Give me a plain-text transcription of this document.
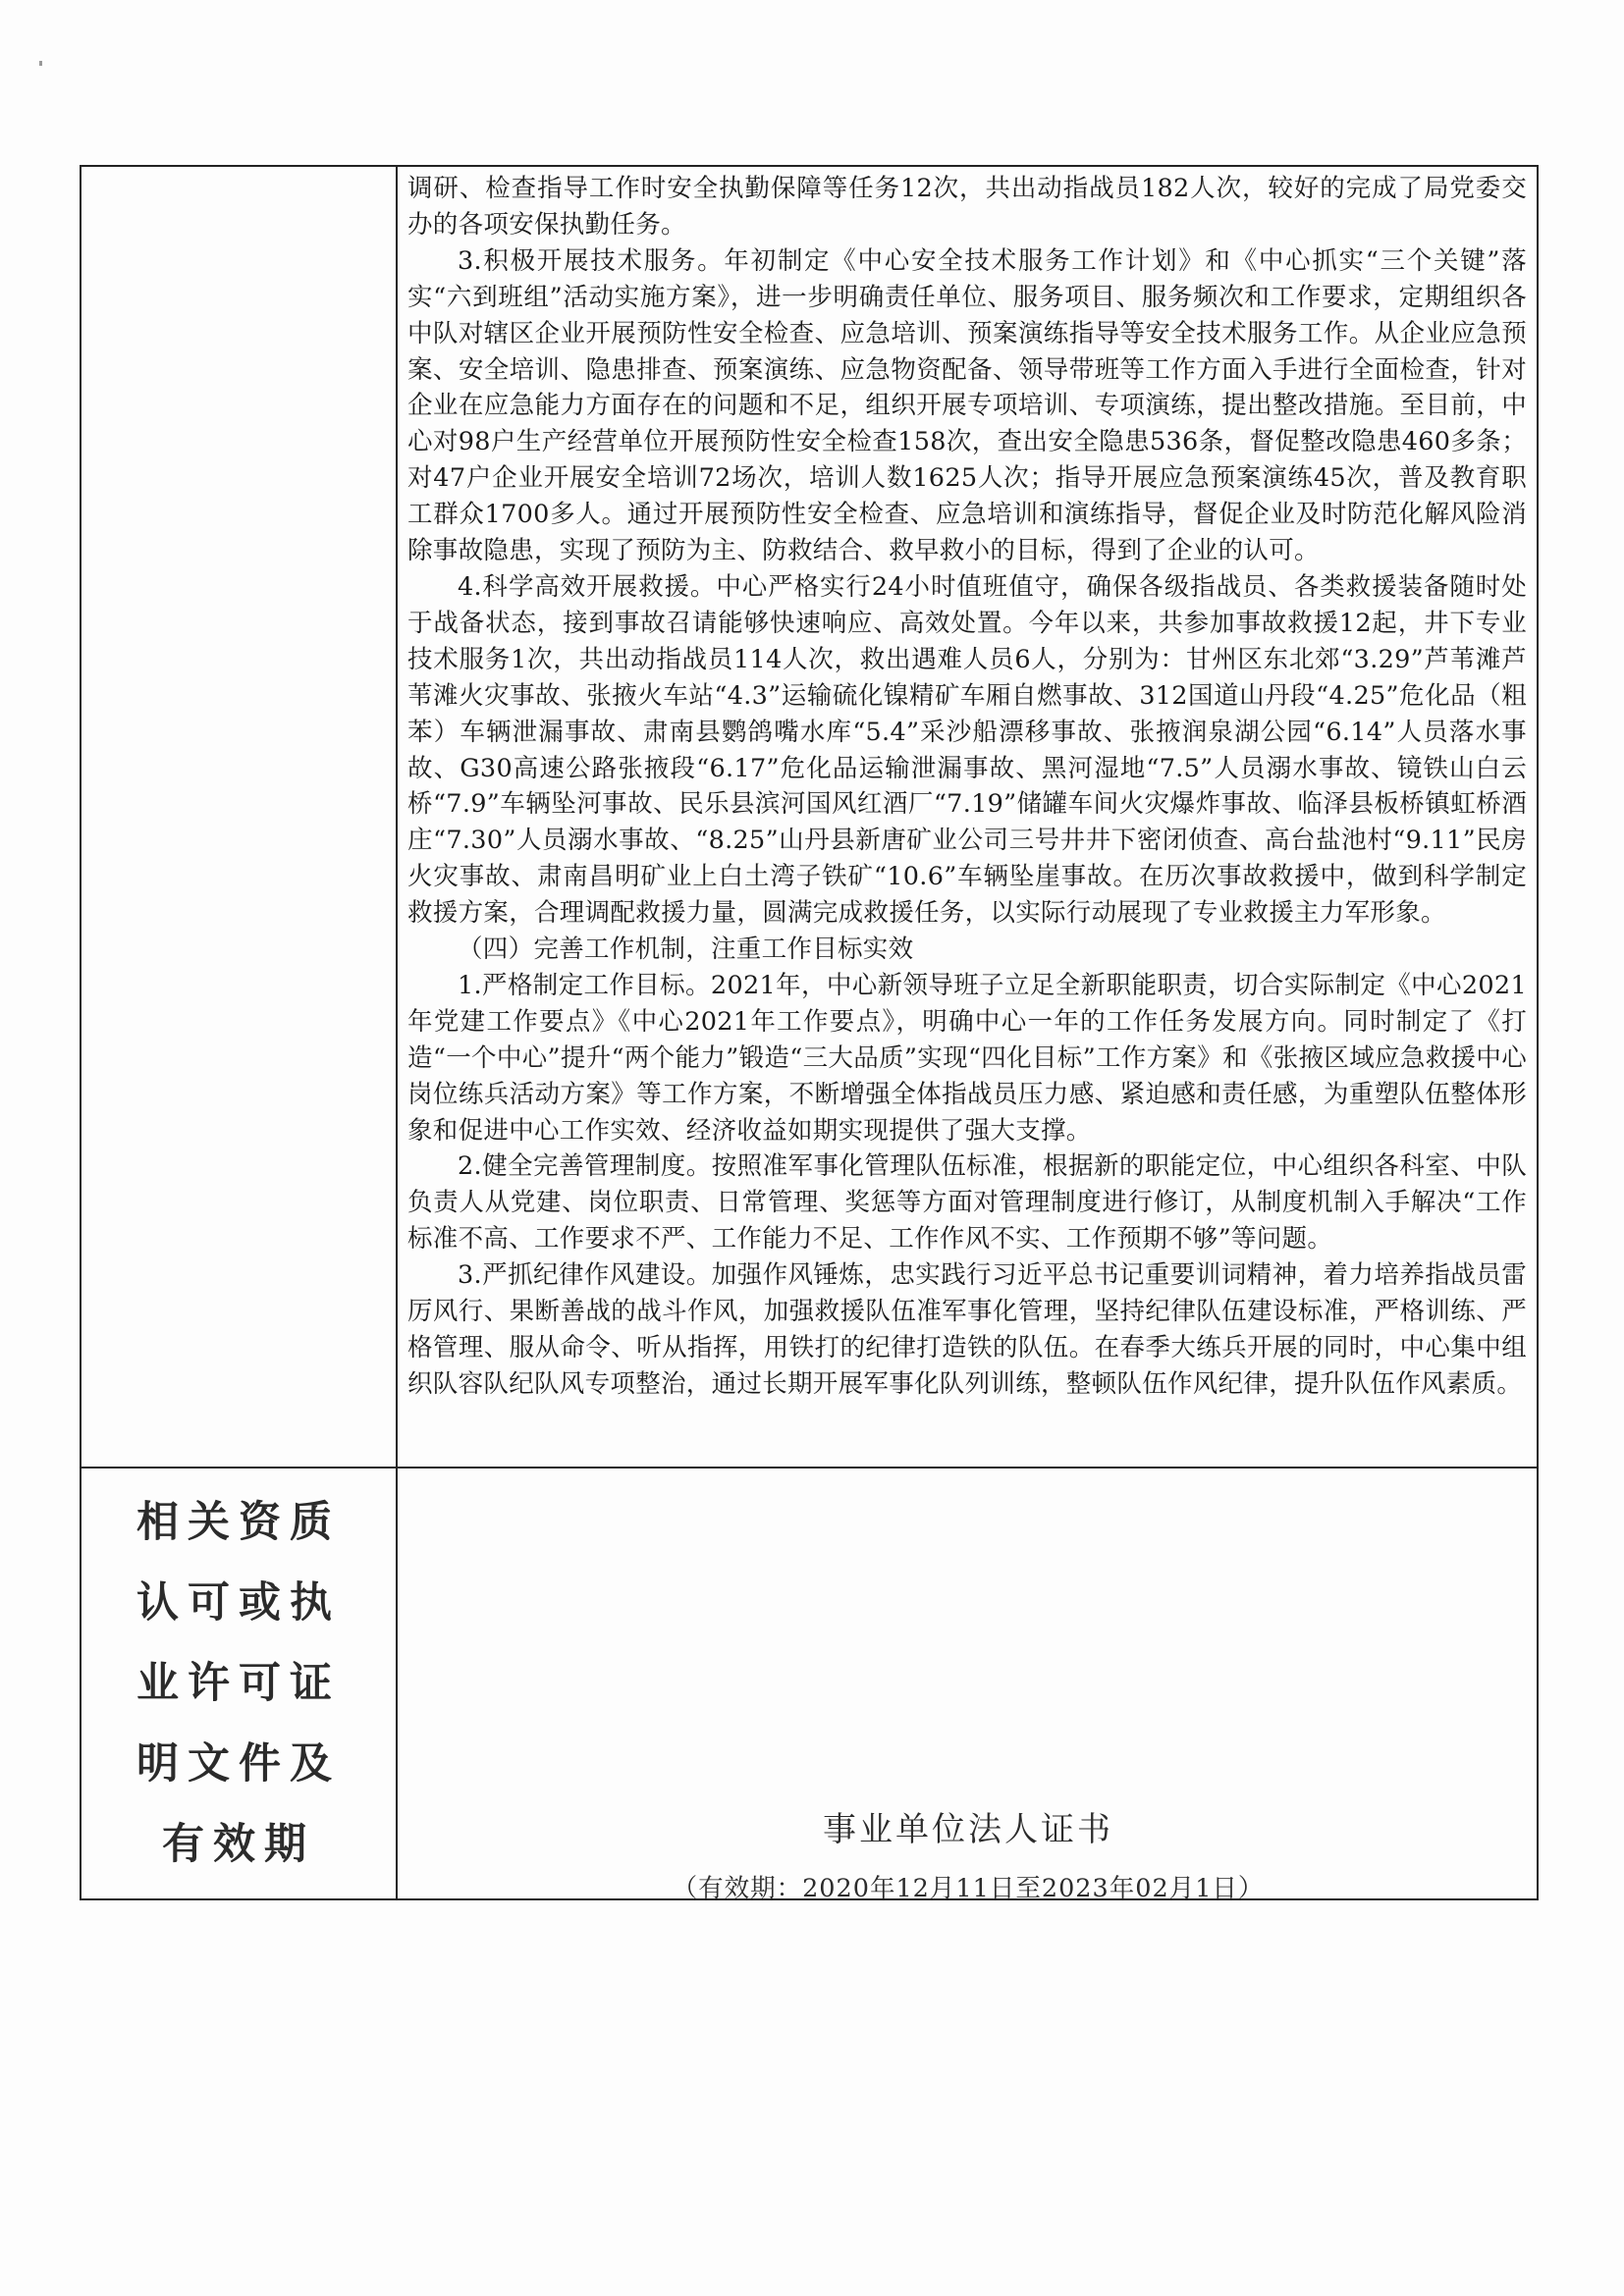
调研、检查指导工作时安全执勤保障等任务12次，共出动指战员182人次，较好的完成了局党委交办的各项安保执勤任务。

3.积极开展技术服务。年初制定《中心安全技术服务工作计划》和《中心抓实“三个关键”落实“六到班组”活动实施方案》，进一步明确责任单位、服务项目、服务频次和工作要求，定期组织各中队对辖区企业开展预防性安全检查、应急培训、预案演练指导等安全技术服务工作。从企业应急预案、安全培训、隐患排查、预案演练、应急物资配备、领导带班等工作方面入手进行全面检查，针对企业在应急能力方面存在的问题和不足，组织开展专项培训、专项演练，提出整改措施。至目前，中心对98户生产经营单位开展预防性安全检查158次，查出安全隐患536条，督促整改隐患460多条；对47户企业开展安全培训72场次，培训人数1625人次；指导开展应急预案演练45次，普及教育职工群众1700多人。通过开展预防性安全检查、应急培训和演练指导，督促企业及时防范化解风险消除事故隐患，实现了预防为主、防救结合、救早救小的目标，得到了企业的认可。

4.科学高效开展救援。中心严格实行24小时值班值守，确保各级指战员、各类救援装备随时处于战备状态，接到事故召请能够快速响应、高效处置。今年以来，共参加事故救援12起，井下专业技术服务1次，共出动指战员114人次，救出遇难人员6人，分别为：甘州区东北郊“3.29”芦苇滩芦苇滩火灾事故、张掖火车站“4.3”运输硫化镍精矿车厢自燃事故、312国道山丹段“4.25”危化品（粗苯）车辆泄漏事故、肃南县鹦鸽嘴水库“5.4”采沙船漂移事故、张掖润泉湖公园“6.14”人员落水事故、G30高速公路张掖段“6.17”危化品运输泄漏事故、黑河湿地“7.5”人员溺水事故、镜铁山白云桥“7.9”车辆坠河事故、民乐县滨河国风红酒厂“7.19”储罐车间火灾爆炸事故、临泽县板桥镇虹桥酒庄“7.30”人员溺水事故、“8.25”山丹县新唐矿业公司三号井井下密闭侦查、高台盐池村“9.11”民房火灾事故、肃南昌明矿业上白土湾子铁矿“10.6”车辆坠崖事故。在历次事故救援中，做到科学制定救援方案，合理调配救援力量，圆满完成救援任务，以实际行动展现了专业救援主力军形象。

（四）完善工作机制，注重工作目标实效

1.严格制定工作目标。2021年，中心新领导班子立足全新职能职责，切合实际制定《中心2021年党建工作要点》《中心2021年工作要点》，明确中心一年的工作任务发展方向。同时制定了《打造“一个中心”提升“两个能力”锻造“三大品质”实现“四化目标”工作方案》和《张掖区域应急救援中心岗位练兵活动方案》等工作方案，不断增强全体指战员压力感、紧迫感和责任感，为重塑队伍整体形象和促进中心工作实效、经济收益如期实现提供了强大支撑。

2.健全完善管理制度。按照准军事化管理队伍标准，根据新的职能定位，中心组织各科室、中队负责人从党建、岗位职责、日常管理、奖惩等方面对管理制度进行修订，从制度机制入手解决“工作标准不高、工作要求不严、工作能力不足、工作作风不实、工作预期不够”等问题。

3.严抓纪律作风建设。加强作风锤炼，忠实践行习近平总书记重要训词精神，着力培养指战员雷厉风行、果断善战的战斗作风，加强救援队伍准军事化管理，坚持纪律队伍建设标准，严格训练、严格管理、服从命令、听从指挥，用铁打的纪律打造铁的队伍。在春季大练兵开展的同时，中心集中组织队容队纪队风专项整治，通过长期开展军事化队列训练，整顿队伍作风纪律，提升队伍作风素质。

相关资质
认可或执
业许可证
明文件及
有效期	事业单位法人证书
（有效期：2020年12月11日至2023年02月1日）
